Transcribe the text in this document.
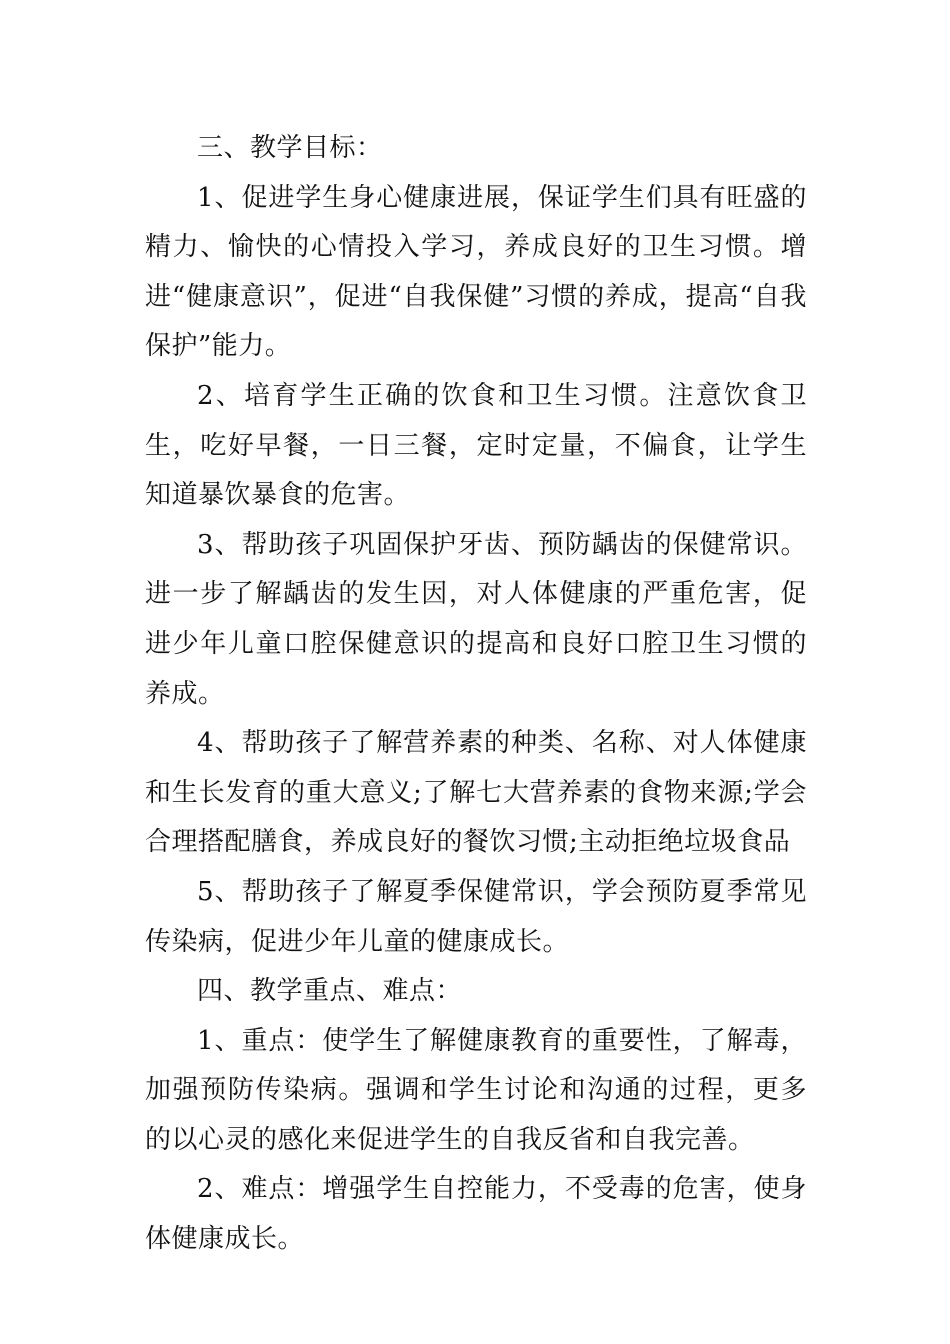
三、教学目标：

1、促进学生身心健康进展，保证学生们具有旺盛的精力、愉快的心情投入学习，养成良好的卫生习惯。增进“健康意识”，促进“自我保健”习惯的养成，提高“自我保护”能力。

2、培育学生正确的饮食和卫生习惯。注意饮食卫生，吃好早餐，一日三餐，定时定量，不偏食，让学生知道暴饮暴食的危害。

3、帮助孩子巩固保护牙齿、预防龋齿的保健常识。进一步了解龋齿的发生因，对人体健康的严重危害，促进少年儿童口腔保健意识的提高和良好口腔卫生习惯的养成。

4、帮助孩子了解营养素的种类、名称、对人体健康和生长发育的重大意义;了解七大营养素的食物来源;学会合理搭配膳食，养成良好的餐饮习惯;主动拒绝垃圾食品

5、帮助孩子了解夏季保健常识，学会预防夏季常见传染病，促进少年儿童的健康成长。

四、教学重点、难点：

1、重点：使学生了解健康教育的重要性，了解毒，加强预防传染病。强调和学生讨论和沟通的过程，更多的以心灵的感化来促进学生的自我反省和自我完善。

2、难点：增强学生自控能力，不受毒的危害，使身体健康成长。
